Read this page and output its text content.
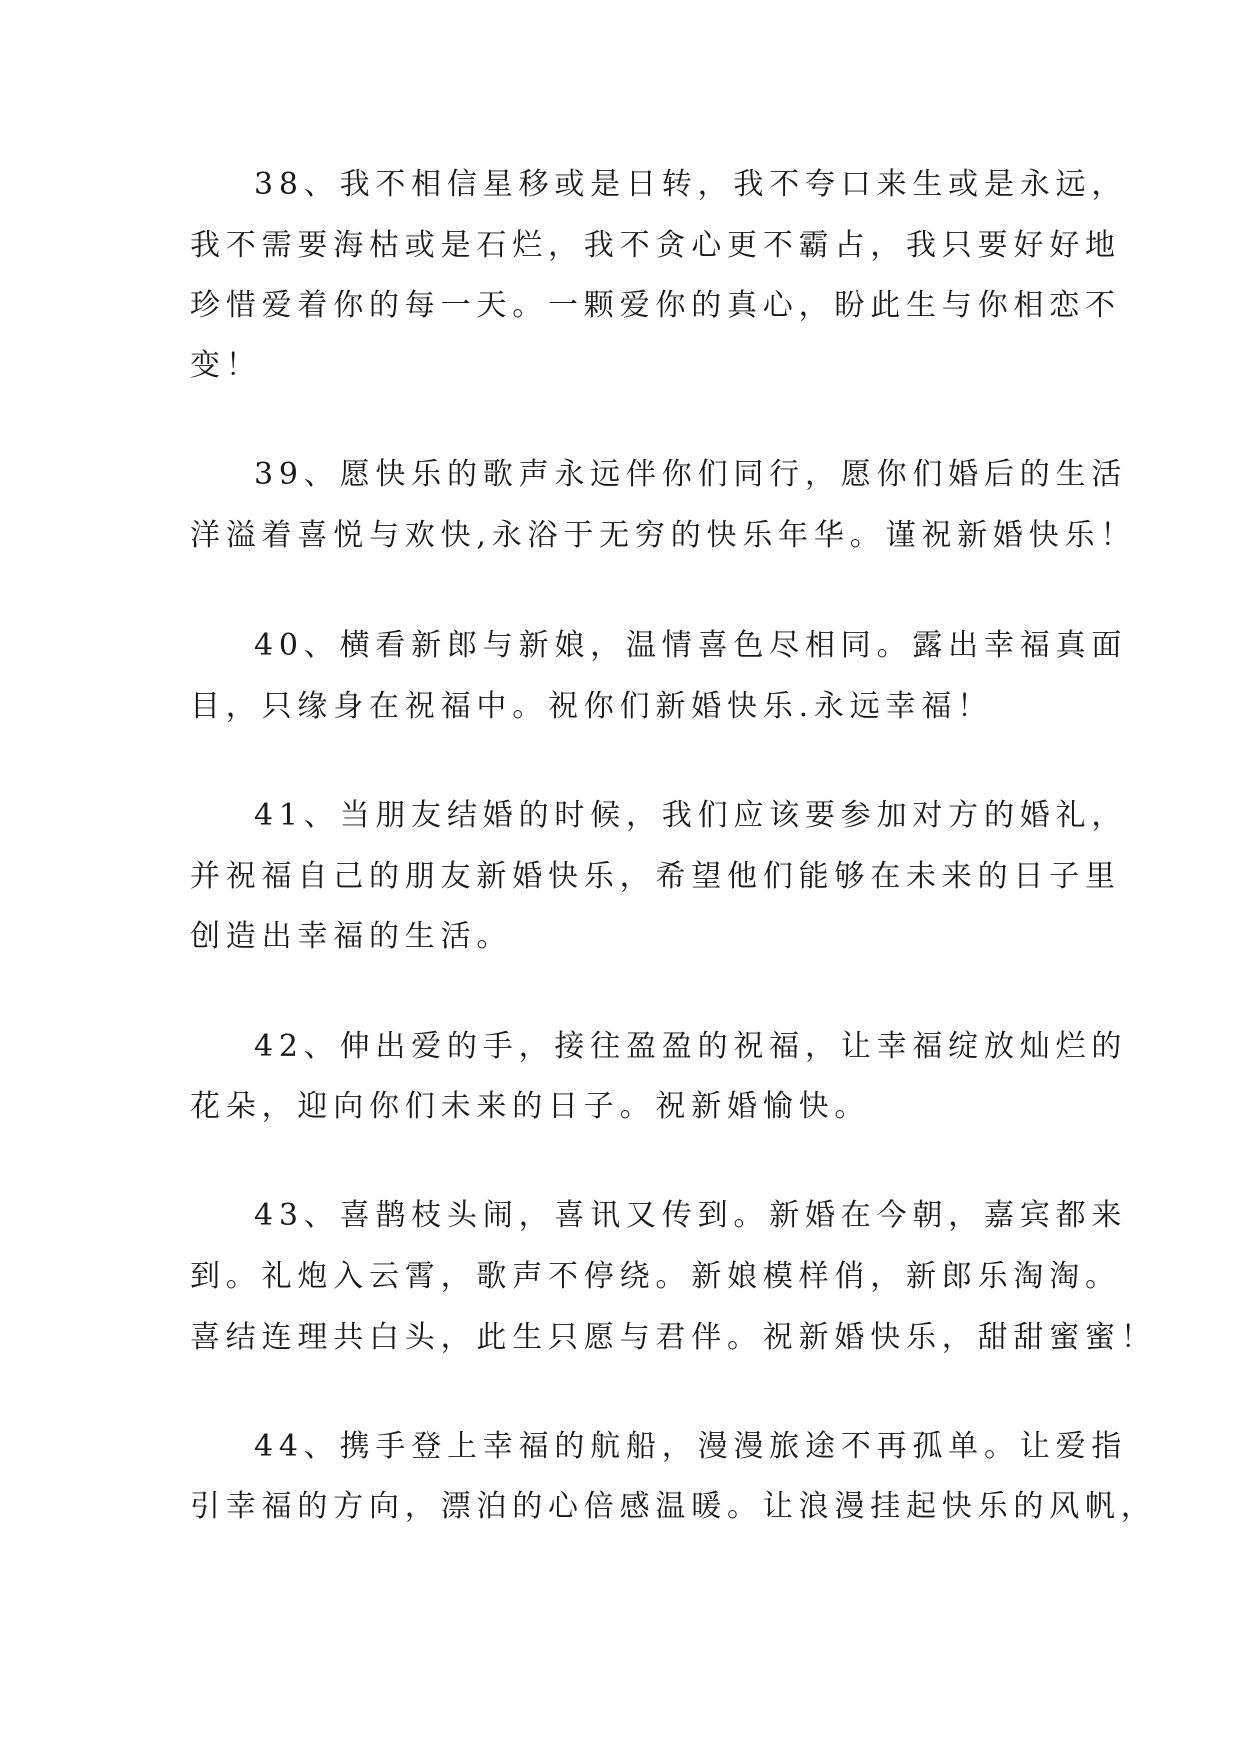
38、我不相信星移或是日转，我不夸口来生或是永远，

我不需要海枯或是石烂，我不贪心更不霸占，我只要好好地

珍惜爱着你的每一天。一颗爱你的真心，盼此生与你相恋不

变！

39、愿快乐的歌声永远伴你们同行，愿你们婚后的生活

洋溢着喜悦与欢快,永浴于无穷的快乐年华。谨祝新婚快乐！

40、横看新郎与新娘，温情喜色尽相同。露出幸福真面

目，只缘身在祝福中。祝你们新婚快乐.永远幸福！

41、当朋友结婚的时候，我们应该要参加对方的婚礼，

并祝福自己的朋友新婚快乐，希望他们能够在未来的日子里

创造出幸福的生活。

42、伸出爱的手，接往盈盈的祝福，让幸福绽放灿烂的

花朵，迎向你们未来的日子。祝新婚愉快。

43、喜鹊枝头闹，喜讯又传到。新婚在今朝，嘉宾都来

到。礼炮入云霄，歌声不停绕。新娘模样俏，新郎乐淘淘。

喜结连理共白头，此生只愿与君伴。祝新婚快乐，甜甜蜜蜜！

44、携手登上幸福的航船，漫漫旅途不再孤单。让爱指

引幸福的方向，漂泊的心倍感温暖。让浪漫挂起快乐的风帆，
